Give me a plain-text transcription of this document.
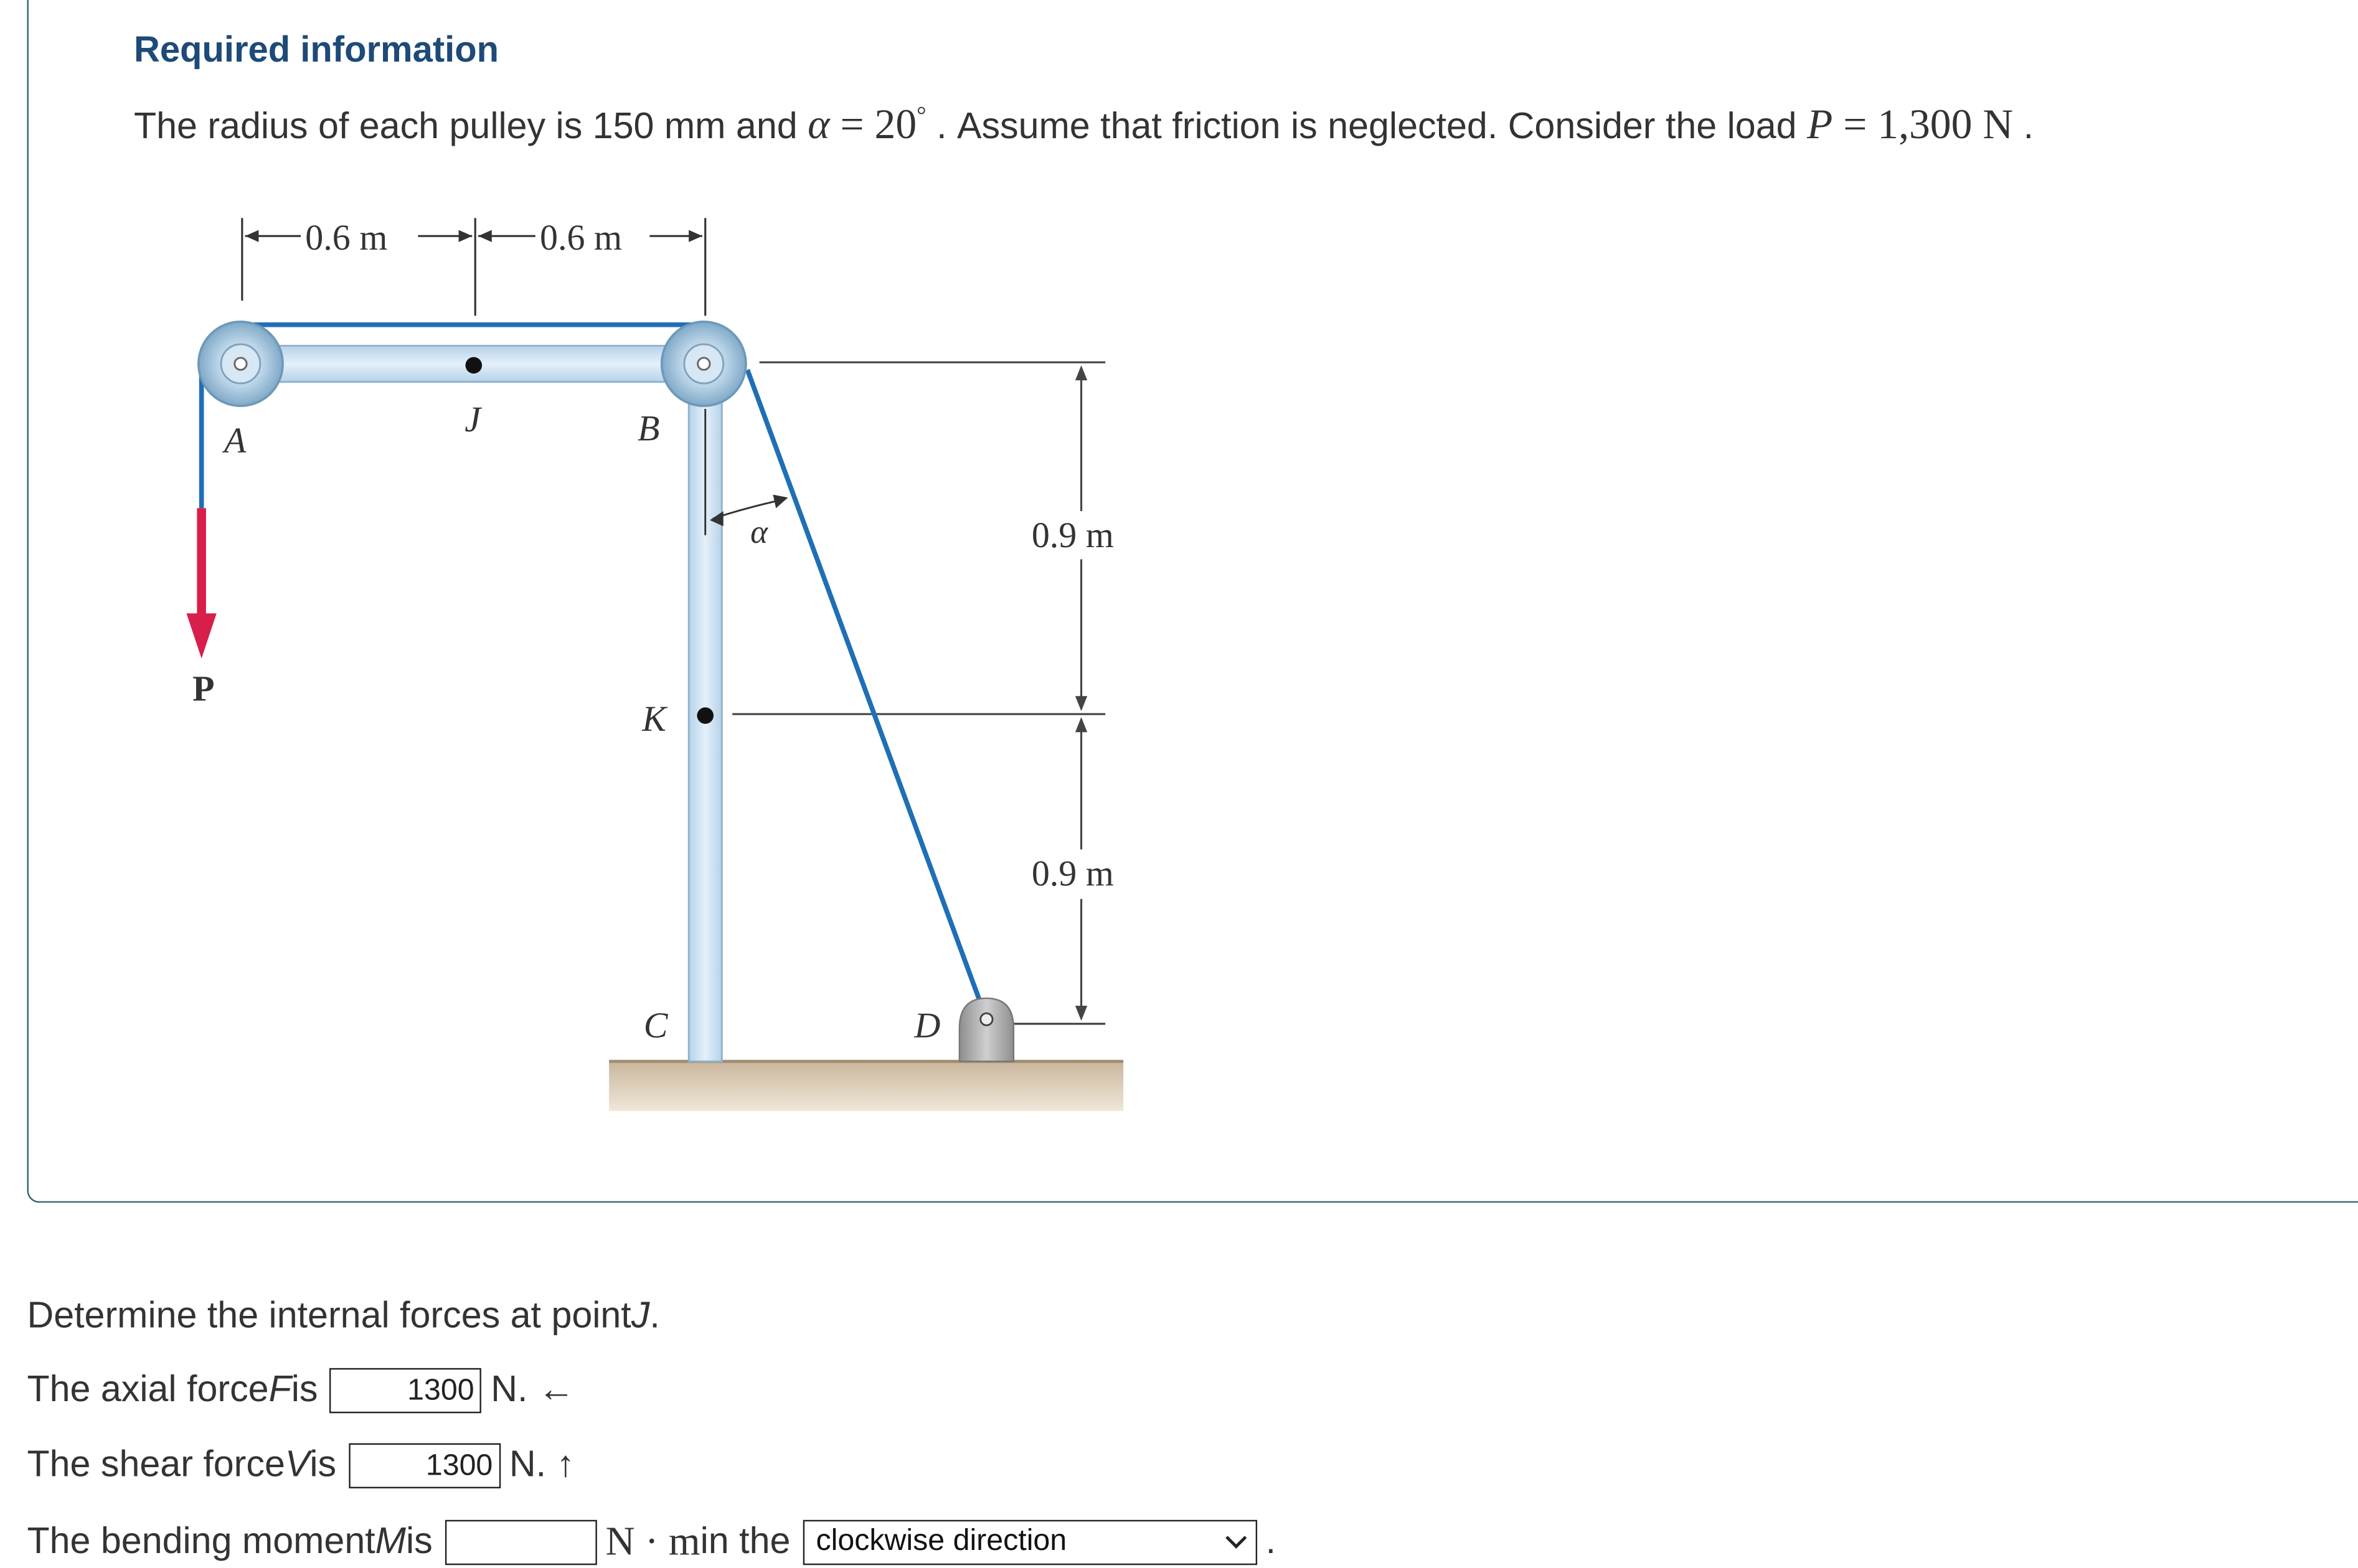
Required information
The radius of each pulley is 150 mm and α = 20° . Assume that friction is neglected. Consider the load P = 1,300 N .
0.6 m	0.6 m
0.9 m
0.9 m
α
A
J	B
K
C	D
P
Determine the internal forces at point J .
The axial force F is	1300	N. ←
The shear force V is	1300	N. ↑
The bending moment M is	N · m in the clockwise direction	.
